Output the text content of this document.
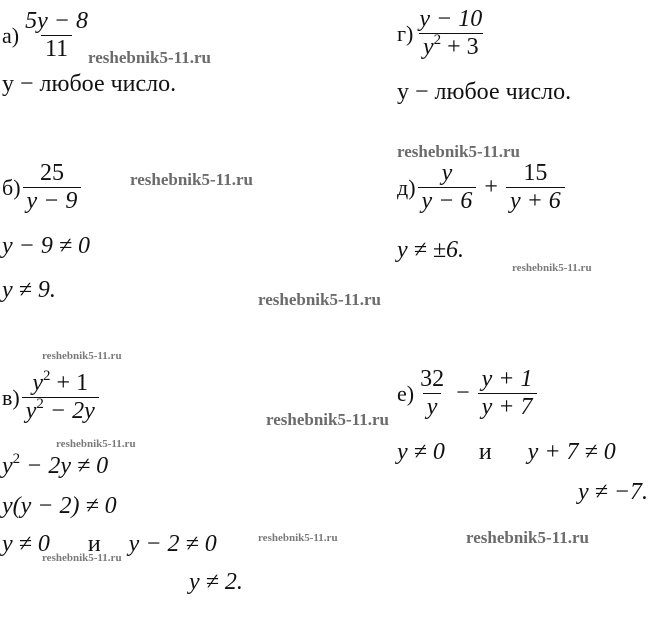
$а) \frac{5y - 8}{11}$
y − любое число.
$г) \frac{y - 10}{y^2 + 3}$
y − любое число.
$б) \frac{25}{y - 9}$
y − 9 ≠ 0
y ≠ 9.
$д) \frac{y}{y - 6} + \frac{15}{y + 6}$
y ≠ ±6.
$в) \frac{y^2 + 1}{y^2 - 2y}$
$y^2 - 2y \ne 0$
y(y − 2) ≠ 0
y ≠ 0 и y − 2 ≠ 0
y ≠ 2.
$е) \frac{32}{y} - \frac{y + 1}{y + 7}$
y ≠ 0 и y + 7 ≠ 0
y ≠ −7.
reshebnik5-11.ru
reshebnik5-11.ru
reshebnik5-11.ru
reshebnik5-11.ru
reshebnik5-11.ru
reshebnik5-11.ru
reshebnik5-11.ru
reshebnik5-11.ru
reshebnik5-11.ru	reshebnik5-11.ru
reshebnik5-11.ru
